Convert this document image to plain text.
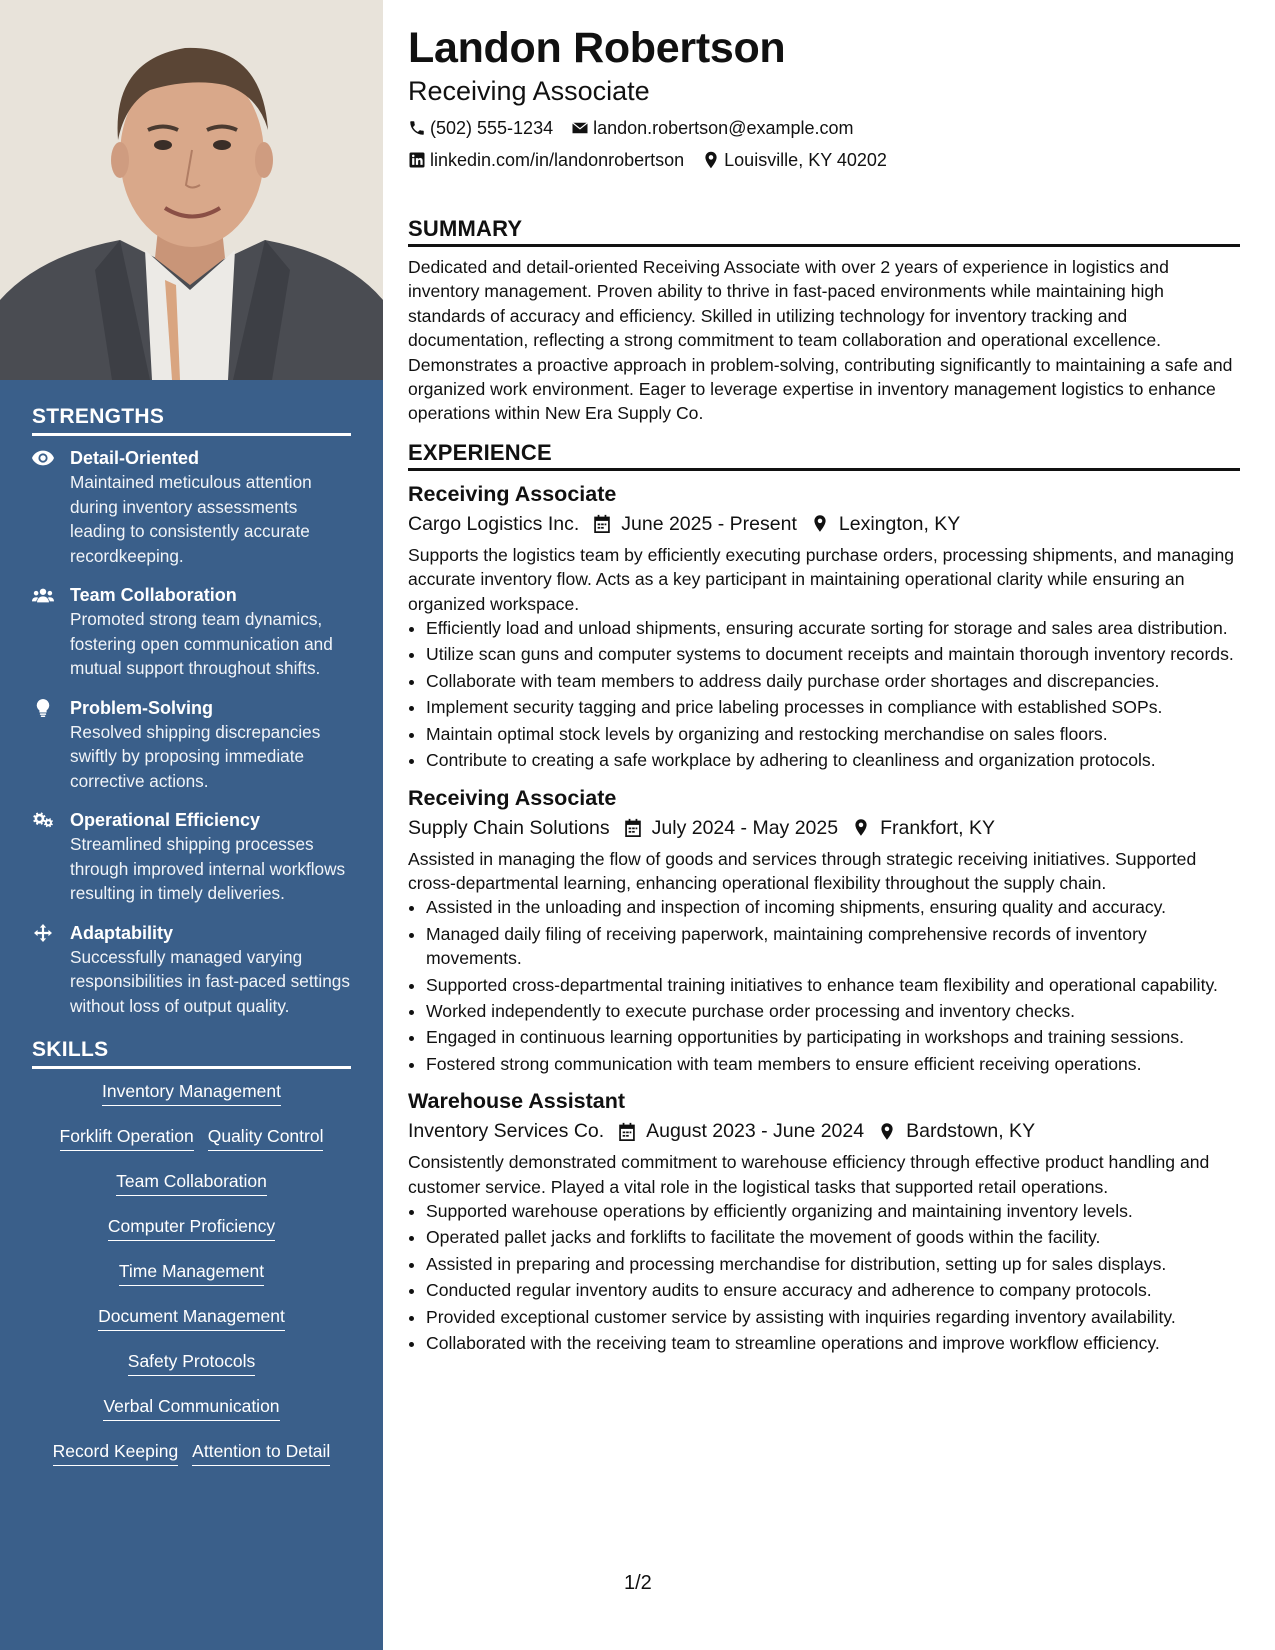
STRENGTHS
Detail-Oriented
Maintained meticulous attention during inventory assessments leading to consistently accurate recordkeeping.
Team Collaboration
Promoted strong team dynamics, fostering open communication and mutual support throughout shifts.
Problem-Solving
Resolved shipping discrepancies swiftly by proposing immediate corrective actions.
Operational Efficiency
Streamlined shipping processes through improved internal workflows resulting in timely deliveries.
Adaptability
Successfully managed varying responsibilities in fast-paced settings without loss of output quality.
SKILLS
Inventory Management
Forklift Operation Quality Control
Team Collaboration
Computer Proficiency
Time Management
Document Management
Safety Protocols
Verbal Communication
Record Keeping Attention to Detail
Landon Robertson
Receiving Associate
(502) 555-1234 landon.robertson@example.com
linkedin.com/in/landonrobertson Louisville, KY 40202
SUMMARY

Dedicated and detail-oriented Receiving Associate with over 2 years of experience in logistics and inventory management. Proven ability to thrive in fast-paced environments while maintaining high standards of accuracy and efficiency. Skilled in utilizing technology for inventory tracking and documentation, reflecting a strong commitment to team collaboration and operational excellence. Demonstrates a proactive approach in problem-solving, contributing significantly to maintaining a safe and organized work environment. Eager to leverage expertise in inventory management logistics to enhance operations within New Era Supply Co.

EXPERIENCE
Receiving Associate
Cargo Logistics Inc. June 2025 - Present Lexington, KY

Supports the logistics team by efficiently executing purchase orders, processing shipments, and managing accurate inventory flow. Acts as a key participant in maintaining operational clarity while ensuring an organized workspace.

• Efficiently load and unload shipments, ensuring accurate sorting for storage and sales area distribution.
• Utilize scan guns and computer systems to document receipts and maintain thorough inventory records.
• Collaborate with team members to address daily purchase order shortages and discrepancies.
• Implement security tagging and price labeling processes in compliance with established SOPs.
• Maintain optimal stock levels by organizing and restocking merchandise on sales floors.
• Contribute to creating a safe workplace by adhering to cleanliness and organization protocols.
Receiving Associate
Supply Chain Solutions July 2024 - May 2025 Frankfort, KY

Assisted in managing the flow of goods and services through strategic receiving initiatives. Supported cross-departmental learning, enhancing operational flexibility throughout the supply chain.

• Assisted in the unloading and inspection of incoming shipments, ensuring quality and accuracy.
• Managed daily filing of receiving paperwork, maintaining comprehensive records of inventory movements.
• Supported cross-departmental training initiatives to enhance team flexibility and operational capability.
• Worked independently to execute purchase order processing and inventory checks.
• Engaged in continuous learning opportunities by participating in workshops and training sessions.
• Fostered strong communication with team members to ensure efficient receiving operations.
Warehouse Assistant
Inventory Services Co. August 2023 - June 2024 Bardstown, KY

Consistently demonstrated commitment to warehouse efficiency through effective product handling and customer service. Played a vital role in the logistical tasks that supported retail operations.

• Supported warehouse operations by efficiently organizing and maintaining inventory levels.
• Operated pallet jacks and forklifts to facilitate the movement of goods within the facility.
• Assisted in preparing and processing merchandise for distribution, setting up for sales displays.
• Conducted regular inventory audits to ensure accuracy and adherence to company protocols.
• Provided exceptional customer service by assisting with inquiries regarding inventory availability.
• Collaborated with the receiving team to streamline operations and improve workflow efficiency.
1/2
